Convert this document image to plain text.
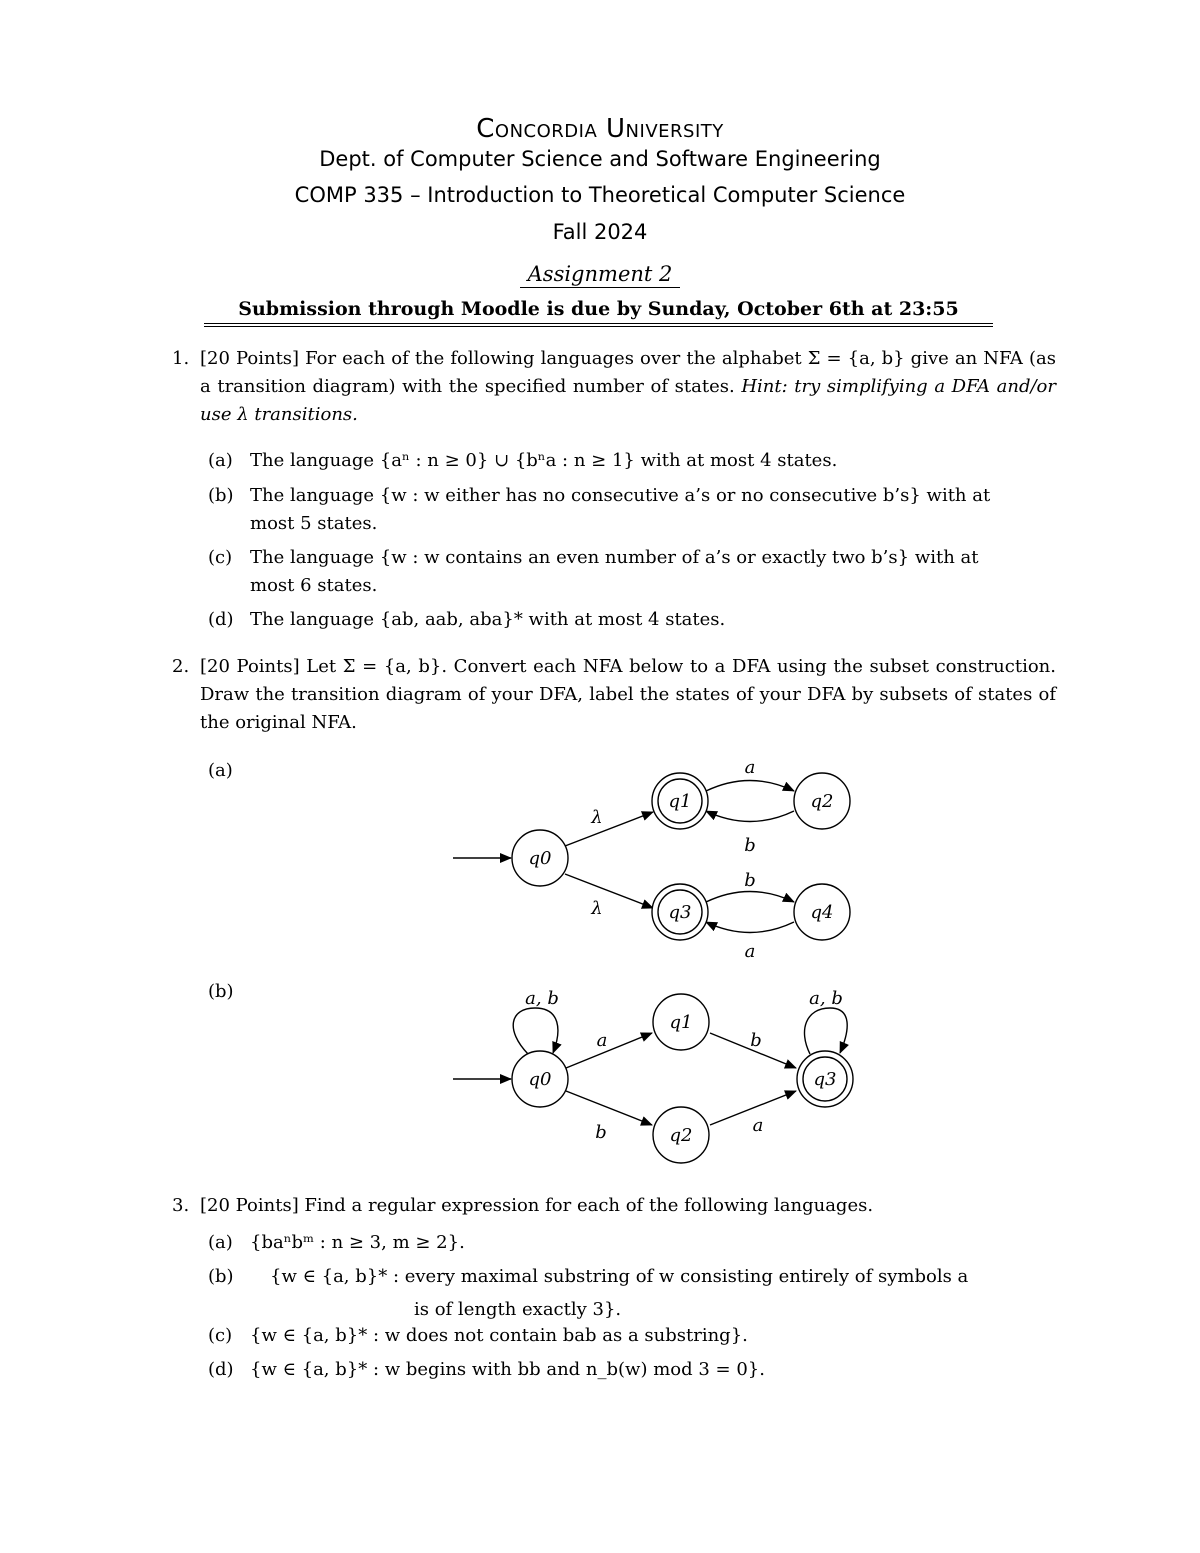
Concordia University
Dept. of Computer Science and Software Engineering
COMP 335 – Introduction to Theoretical Computer Science
Fall 2024
Assignment 2
Submission through Moodle is due by Sunday, October 6th at 23:55
1. [20 Points] For each of the following languages over the alphabet Σ = {a, b} give an NFA (as a transition diagram) with the specified number of states. Hint: try simplifying a DFA and/or use λ transitions.
(a) The language {aⁿ : n ≥ 0} ∪ {bⁿa : n ≥ 1} with at most 4 states.
(b) The language {w : w either has no consecutive a’s or no consecutive b’s} with at
most 5 states.
(c) The language {w : w contains an even number of a’s or exactly two b’s} with at
most 6 states.
(d) The language {ab, aab, aba}* with at most 4 states.
2. [20 Points] Let Σ = {a, b}. Convert each NFA below to a DFA using the subset construction. Draw the transition diagram of your DFA, label the states of your DFA by subsets of states of the original NFA.
(a)
q0
q1	q2
q3	q4
λ
λ
a
b
b
a
q0
q1
q2
q3
a, b	a, b
a
b
b
a
(b)
3. [20 Points] Find a regular expression for each of the following languages.
(a) {baⁿbᵐ : n ≥ 3, m ≥ 2}.
(b) {w ∈ {a, b}* : every maximal substring of w consisting entirely of symbols a
is of length exactly 3}.
(c) {w ∈ {a, b}* : w does not contain bab as a substring}.
(d) {w ∈ {a, b}* : w begins with bb and n_b(w) mod 3 = 0}.
